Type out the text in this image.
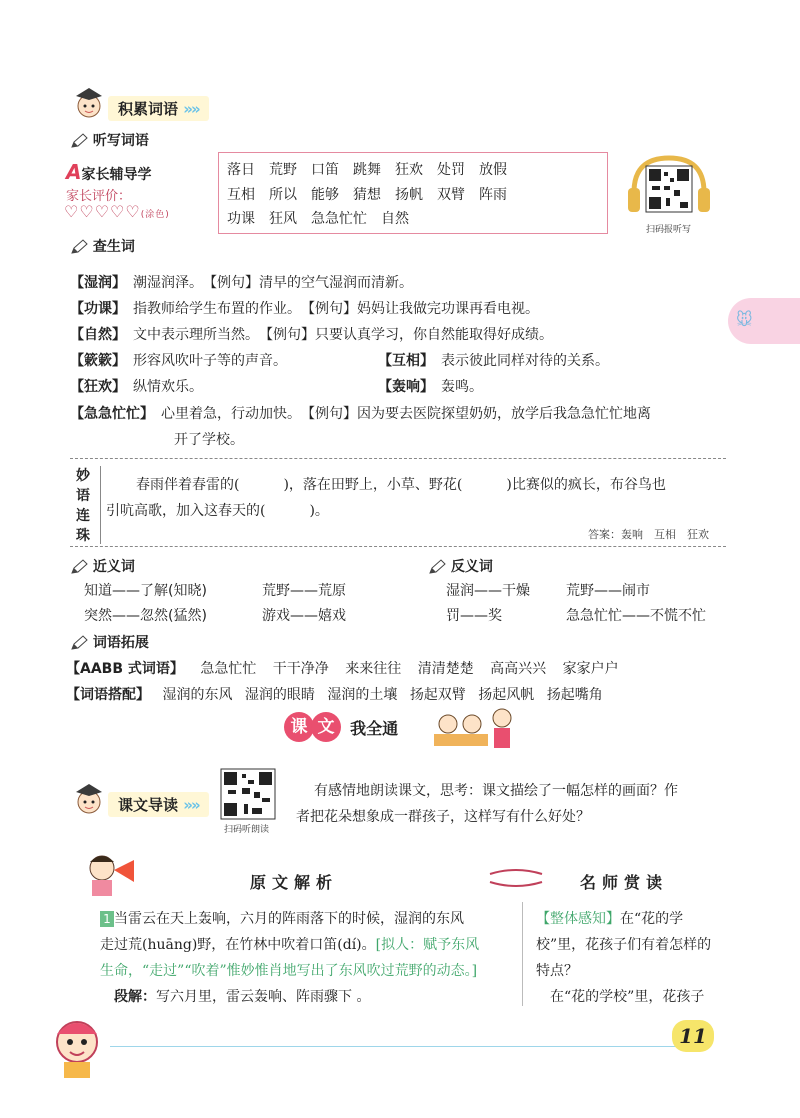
🐭
积累词语 »»
听写词语
A家长辅导学
家长评价：
♡♡♡♡♡(涂色)
落日 荒野 口笛 跳舞 狂欢 处罚 放假
互相 所以 能够 猜想 扬帆 双臂 阵雨
功课 狂风 急急忙忙 自然
扫码报听写
查生词
【湿润】　 潮湿润泽。　 【例句】清早的空气湿润而清新。
【功课】　 指教师给学生布置的作业。　 【例句】妈妈让我做完功课再看电视。
【自然】　 文中表示理所当然。　 【例句】只要认真学习，你自然能取得好成绩。
【簌簌】　 形容风吹叶子等的声音。	【互相】　 表示彼此同样对待的关系。
【狂欢】　 纵情欢乐。	【轰响】　 轰鸣。
【急急忙忙】　 心里着急，行动加快。　 【例句】因为要去医院探望奶奶，放学后我急急忙忙地离
开了学校。
妙
语
连
珠
春雨伴着春雷的(	)，落在田野上，小草、野花(	)比赛似的疯长，布谷鸟也
引吭高歌，加入这春天的(	)。
答案：轰响　互相　狂欢
近义词
知道——了解(知晓)	荒野——荒原
突然——忽然(猛然)	游戏——嬉戏
反义词
湿润——干燥	荒野——闹市
罚——奖	急急忙忙——不慌不忙
词语拓展
【AABB 式词语】 急急忙忙 干干净净 来来往往 清清楚楚 高高兴兴 家家户户
【词语搭配】 湿润的东风 湿润的眼睛 湿润的土壤 扬起双臂 扬起风帆 扬起嘴角
课 文 我全通
课文导读 »»
扫码听朗读
有感情地朗读课文，思考：课文描绘了一幅怎样的画面？作
者把花朵想象成一群孩子，这样写有什么好处？
原文解析	名师赏读
1 当雷云在天上轰响，六月的阵雨落下的时候，湿润的东风
走过荒(huāng)野，在竹林中吹着口笛(dí)。[拟人：赋予东风
生命，“走过”“吹着”惟妙惟肖地写出了东风吹过荒野的动态。]
段解：写六月里，雷云轰响、阵雨骤下 。
【整体感知】在“花的学
校”里，花孩子们有着怎样的
特点？
在“花的学校”里，花孩子
11
